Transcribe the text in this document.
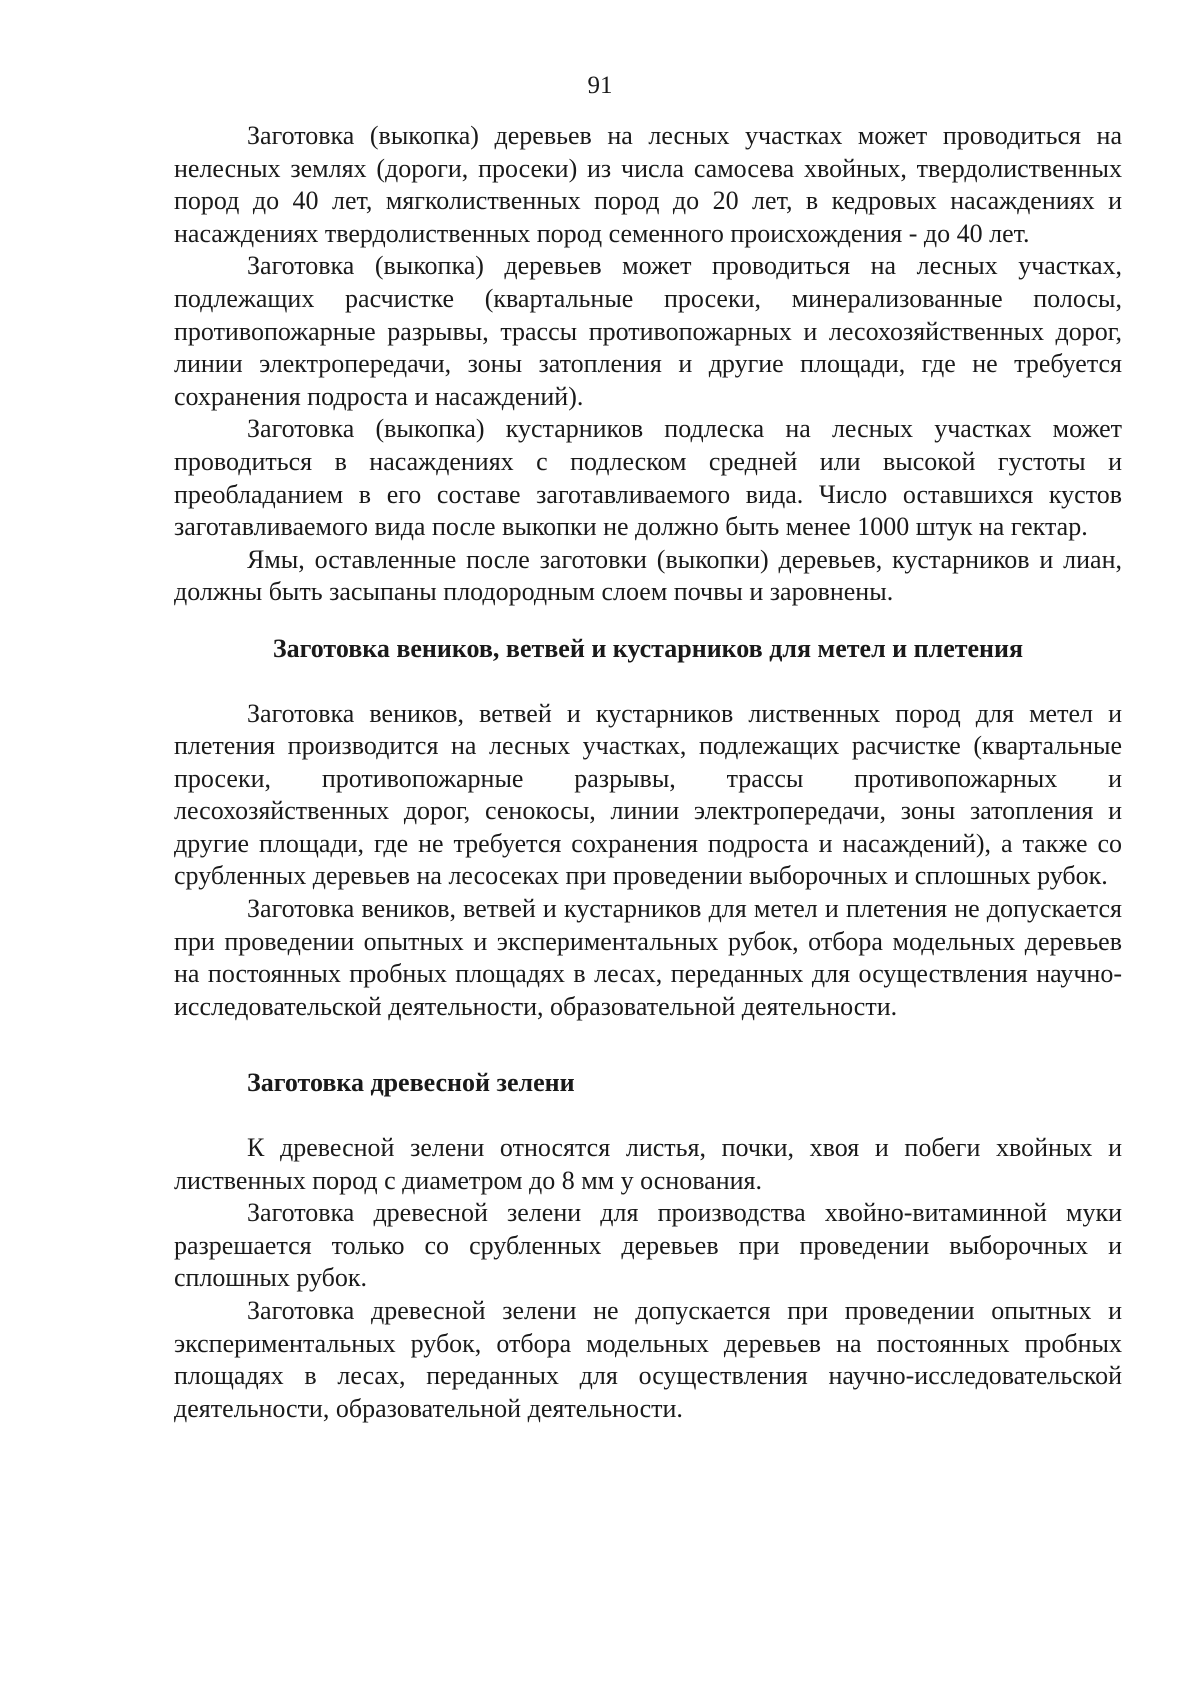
91

Заготовка (выкопка) деревьев на лесных участках может проводиться на нелесных землях (дороги, просеки) из числа самосева хвойных, твердолиственных пород до 40 лет, мягколиственных пород до 20 лет, в кедровых насаждениях и насаждениях твердолиственных пород семенного происхождения - до 40 лет.

Заготовка (выкопка) деревьев может проводиться на лесных участках, подлежащих расчистке (квартальные просеки, минерализованные полосы, противопожарные разрывы, трассы противопожарных и лесохозяйственных дорог, линии электропередачи, зоны затопления и другие площади, где не требуется сохранения подроста и насаждений).

Заготовка (выкопка) кустарников подлеска на лесных участках может проводиться в насаждениях с подлеском средней или высокой густоты и преобладанием в его составе заготавливаемого вида. Число оставшихся кустов заготавливаемого вида после выкопки не должно быть менее 1000 штук на гектар.

Ямы, оставленные после заготовки (выкопки) деревьев, кустарников и лиан, должны быть засыпаны плодородным слоем почвы и заровнены.

Заготовка веников, ветвей и кустарников для метел и плетения

Заготовка веников, ветвей и кустарников лиственных пород для метел и плетения производится на лесных участках, подлежащих расчистке (квартальные просеки, противопожарные разрывы, трассы противопожарных и лесохозяйственных дорог, сенокосы, линии электропередачи, зоны затопления и другие площади, где не требуется сохранения подроста и насаждений), а также со срубленных деревьев на лесосеках при проведении выборочных и сплошных рубок.

Заготовка веников, ветвей и кустарников для метел и плетения не допускается при проведении опытных и экспериментальных рубок, отбора модельных деревьев на постоянных пробных площадях в лесах, переданных для осуществления научно-исследовательской деятельности, образовательной деятельности.

Заготовка древесной зелени

К древесной зелени относятся листья, почки, хвоя и побеги хвойных и лиственных пород с диаметром до 8 мм у основания.

Заготовка древесной зелени для производства хвойно-витаминной муки разрешается только со срубленных деревьев при проведении выборочных и сплошных рубок.

Заготовка древесной зелени не допускается при проведении опытных и экспериментальных рубок, отбора модельных деревьев на постоянных пробных площадях в лесах, переданных для осуществления научно-исследовательской деятельности, образовательной деятельности.
